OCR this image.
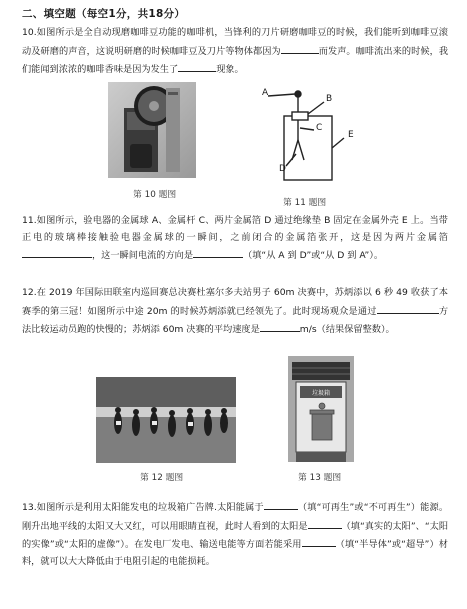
二、填空题（每空1分，共18分）
10.如图所示是全自动现磨咖啡豆功能的咖啡机，当锋利的刀片研磨咖啡豆的时候，我们能听到咖啡豆滚动及研磨的声音，这说明研磨的时候咖啡豆及刀片等物体都因为	而发声。咖啡流出来的时候，我们能闻到浓浓的咖啡香味是因为发生了	现象。
第 10 题图
A
B
C
E
D
第 11 题图
11.如图所示，验电器的金属球 A、金属杆 C、两片金属箔 D 通过绝缘垫 B 固定在金属外壳 E 上。当带正电的玻璃棒接触验电器金属球的一瞬间，之前闭合的金属箔张开，这是因为两片金属箔，这一瞬间电流的方向是	（填“从 A 到 D”或“从 D 到 A”）。
12.在 2019 年国际田联室内巡回赛总决赛杜塞尔多夫站男子 60m 决赛中，苏炳添以 6 秒 49 收获了本赛季的第三冠！如图所示中途 20m 的时候苏炳添就已经领先了。此时现场观众是通过	方法比较运动员跑的快慢的；苏炳添 60m 决赛的平均速度是	m/s（结果保留整数）。
第 12 题图
垃圾箱
第 13 题图
13.如图所示是利用太阳能发电的垃圾箱广告牌.太阳能属于	（填“可再生”或“不可再生”）能源。刚升出地平线的太阳又大又红，可以用眼睛直视，此时人看到的太阳是	（填“真实的太阳”、“太阳的实像”或“太阳的虚像”）。在发电厂发电、输送电能等方面若能采用	（填“半导体”或“超导”）材料，就可以大大降低由于电阻引起的电能损耗。
